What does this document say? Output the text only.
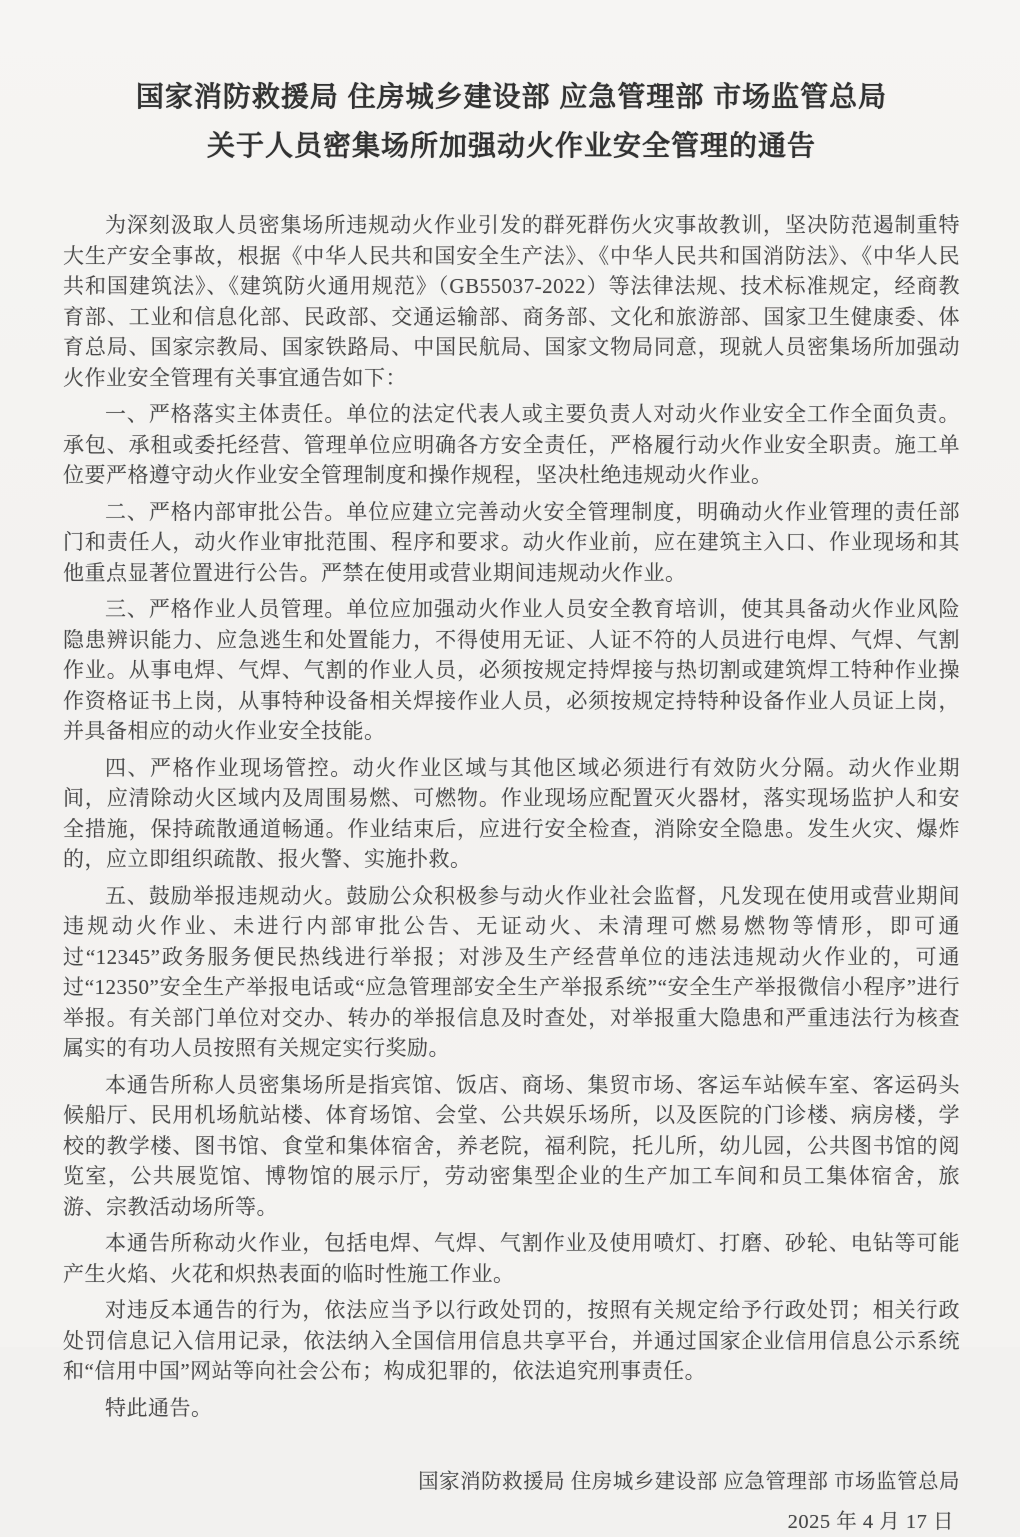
国家消防救援局 住房城乡建设部 应急管理部 市场监管总局
关于人员密集场所加强动火作业安全管理的通告

为深刻汲取人员密集场所违规动火作业引发的群死群伤火灾事故教训，坚决防范遏制重特大生产安全事故，根据《中华人民共和国安全生产法》、《中华人民共和国消防法》、《中华人民共和国建筑法》、《建筑防火通用规范》（GB55037-2022）等法律法规、技术标准规定，经商教育部、工业和信息化部、民政部、交通运输部、商务部、文化和旅游部、国家卫生健康委、体育总局、国家宗教局、国家铁路局、中国民航局、国家文物局同意，现就人员密集场所加强动火作业安全管理有关事宜通告如下：

一、严格落实主体责任。单位的法定代表人或主要负责人对动火作业安全工作全面负责。承包、承租或委托经营、管理单位应明确各方安全责任，严格履行动火作业安全职责。施工单位要严格遵守动火作业安全管理制度和操作规程，坚决杜绝违规动火作业。

二、严格内部审批公告。单位应建立完善动火安全管理制度，明确动火作业管理的责任部门和责任人，动火作业审批范围、程序和要求。动火作业前，应在建筑主入口、作业现场和其他重点显著位置进行公告。严禁在使用或营业期间违规动火作业。

三、严格作业人员管理。单位应加强动火作业人员安全教育培训，使其具备动火作业风险隐患辨识能力、应急逃生和处置能力，不得使用无证、人证不符的人员进行电焊、气焊、气割作业。从事电焊、气焊、气割的作业人员，必须按规定持焊接与热切割或建筑焊工特种作业操作资格证书上岗，从事特种设备相关焊接作业人员，必须按规定持特种设备作业人员证上岗，并具备相应的动火作业安全技能。

四、严格作业现场管控。动火作业区域与其他区域必须进行有效防火分隔。动火作业期间，应清除动火区域内及周围易燃、可燃物。作业现场应配置灭火器材，落实现场监护人和安全措施，保持疏散通道畅通。作业结束后，应进行安全检查，消除安全隐患。发生火灾、爆炸的，应立即组织疏散、报火警、实施扑救。

五、鼓励举报违规动火。鼓励公众积极参与动火作业社会监督，凡发现在使用或营业期间违规动火作业、未进行内部审批公告、无证动火、未清理可燃易燃物等情形，即可通过“12345”政务服务便民热线进行举报；对涉及生产经营单位的违法违规动火作业的，可通过“12350”安全生产举报电话或“应急管理部安全生产举报系统”“安全生产举报微信小程序”进行举报。有关部门单位对交办、转办的举报信息及时查处，对举报重大隐患和严重违法行为核查属实的有功人员按照有关规定实行奖励。

本通告所称人员密集场所是指宾馆、饭店、商场、集贸市场、客运车站候车室、客运码头候船厅、民用机场航站楼、体育场馆、会堂、公共娱乐场所，以及医院的门诊楼、病房楼，学校的教学楼、图书馆、食堂和集体宿舍，养老院，福利院，托儿所，幼儿园，公共图书馆的阅览室，公共展览馆、博物馆的展示厅，劳动密集型企业的生产加工车间和员工集体宿舍，旅游、宗教活动场所等。

本通告所称动火作业，包括电焊、气焊、气割作业及使用喷灯、打磨、砂轮、电钻等可能产生火焰、火花和炽热表面的临时性施工作业。

对违反本通告的行为，依法应当予以行政处罚的，按照有关规定给予行政处罚；相关行政处罚信息记入信用记录，依法纳入全国信用信息共享平台，并通过国家企业信用信息公示系统和“信用中国”网站等向社会公布；构成犯罪的，依法追究刑事责任。

特此通告。

国家消防救援局 住房城乡建设部 应急管理部 市场监管总局
2025 年 4 月 17 日
